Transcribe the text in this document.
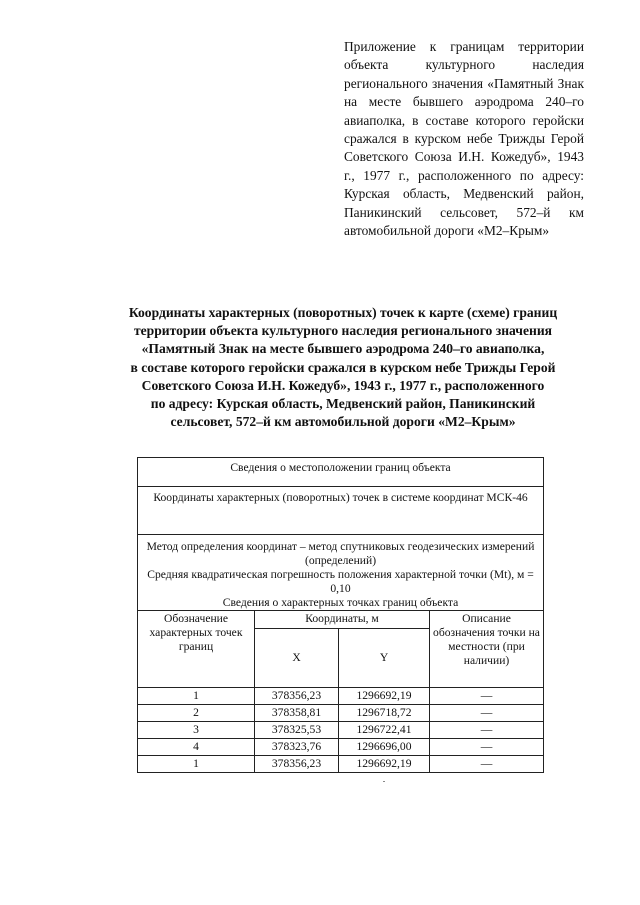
Приложение к границам территории объекта культурного наследия регионального значения «Памятный Знак на месте бывшего аэродрома 240–го авиаполка, в составе которого геройски сражался в курском небе Трижды Герой Советского Союза И.Н. Кожедуб», 1943 г., 1977 г., расположенного по адресу: Курская область, Медвенский район, Паникинский сельсовет, 572–й км автомобильной дороги «М2–Крым»

Координаты характерных (поворотных) точек к карте (схеме) границ
территории объекта культурного наследия регионального значения
«Памятный Знак на месте бывшего аэродрома 240–го авиаполка,
в составе которого геройски сражался в курском небе Трижды Герой
Советского Союза И.Н. Кожедуб», 1943 г., 1977 г., расположенного
по адресу: Курская область, Медвенский район, Паникинский
сельсовет, 572–й км автомобильной дороги «М2–Крым»
Сведения о местоположении границ объекта			
Координаты характерных (поворотных) точек в системе координат МСК-46			

Метод определения координат – метод спутниковых геодезических измерений (определений)
Средняя квадратическая погрешность положения характерной точки (Mt), м = 0,10
Сведения о характерных точках границ объекта			

Обозначение характерных точек границ	Координаты, м		Описание обозначения точки на местности (при наличии)
	X	Y	
1	378356,23	1296692,19	—
2	378358,81	1296718,72	—
3	378325,53	1296722,41	—
4	378323,76	1296696,00	—
1	378356,23	1296692,19	—
